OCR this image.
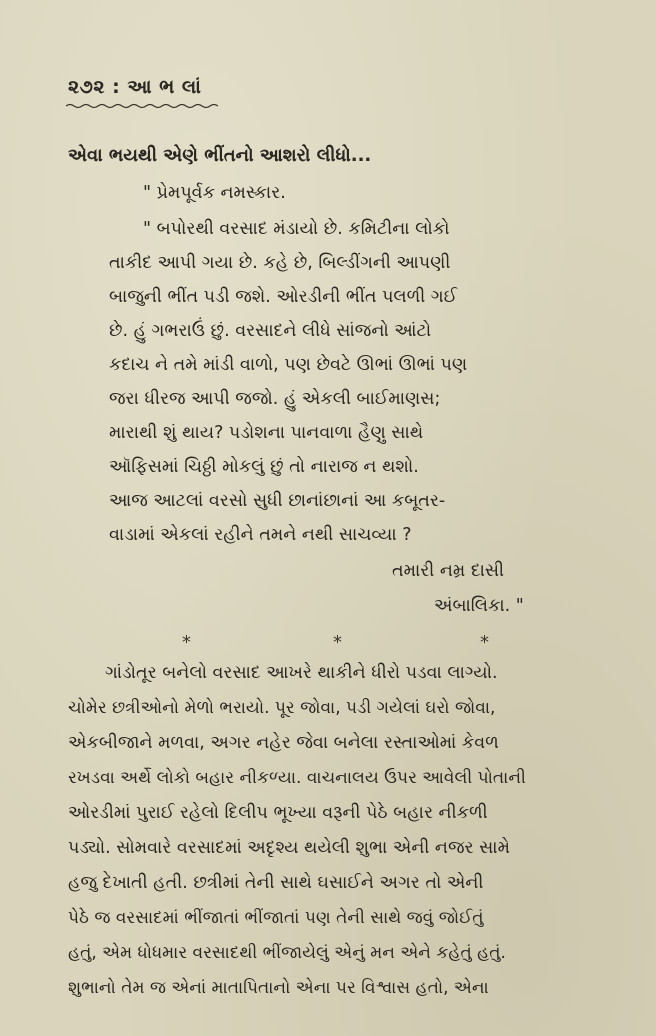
૨૭૨ : આ ભ લાં
એવા ભયથી એણે ભીંતનો આશરો લીધો...
" પ્રેમપૂર્વક નમસ્કાર.
" બપોરથી વરસાદ મંડાયો છે. કમિટીના લોકો
તાકીદ આપી ગયા છે. કહે છે, બિલ્ડીંગની આપણી
બાજુની ભીંત પડી જશે. ઓરડીની ભીંત પલળી ગઈ
છે. હું ગભરાઉં છું. વરસાદને લીધે સાંજનો આંટો
કદાચ ને તમે માંડી વાળો, પણ છેવટે ઊભાં ઊભાં પણ
જરા ધીરજ આપી જજો. હું એકલી બાઈમાણસ;
મારાથી શું થાય? પડોશના પાનવાળા હૈણુ સાથે
ઑફિસમાં ચિઠ્ઠી મોકલું છું તો નારાજ ન થશો.
આજ આટલાં વરસો સુધી છાનાંછાનાં આ કબૂતર-
વાડામાં એકલાં રહીને તમને નથી સાચવ્યા ?
તમારી નમ્ર દાસી
અંબાલિકા. "
*	*	*
ગાંડોતૂર બનેલો વરસાદ આખરે થાકીને ધીરો પડવા લાગ્યો.
ચોમેર છત્રીઓનો મેળો ભરાયો. પૂર જોવા, પડી ગયેલાં ઘરો જોવા,
એકબીજાને મળવા, અગર નહેર જેવા બનેલા રસ્તાઓમાં કેવળ
રખડવા અર્થે લોકો બહાર નીકળ્યા. વાચનાલય ઉપર આવેલી પોતાની
ઓરડીમાં પુરાઈ રહેલો દિલીપ ભૂખ્યા વરૂની પેઠે બહાર નીકળી
પડ્યો. સોમવારે વરસાદમાં અદૃશ્ય થયેલી શુભા એની નજર સામે
હજુ દેખાતી હતી. છત્રીમાં તેની સાથે ઘસાઈને અગર તો એની
પેઠે જ વરસાદમાં ભીંજાતાં ભીંજાતાં પણ તેની સાથે જવું જોઈતું
હતું, એમ ધોધમાર વરસાદથી ભીંજાયેલું એનું મન એને કહેતું હતું.
શુભાનો તેમ જ એનાં માતાપિતાનો એના પર વિશ્વાસ હતો, એના
